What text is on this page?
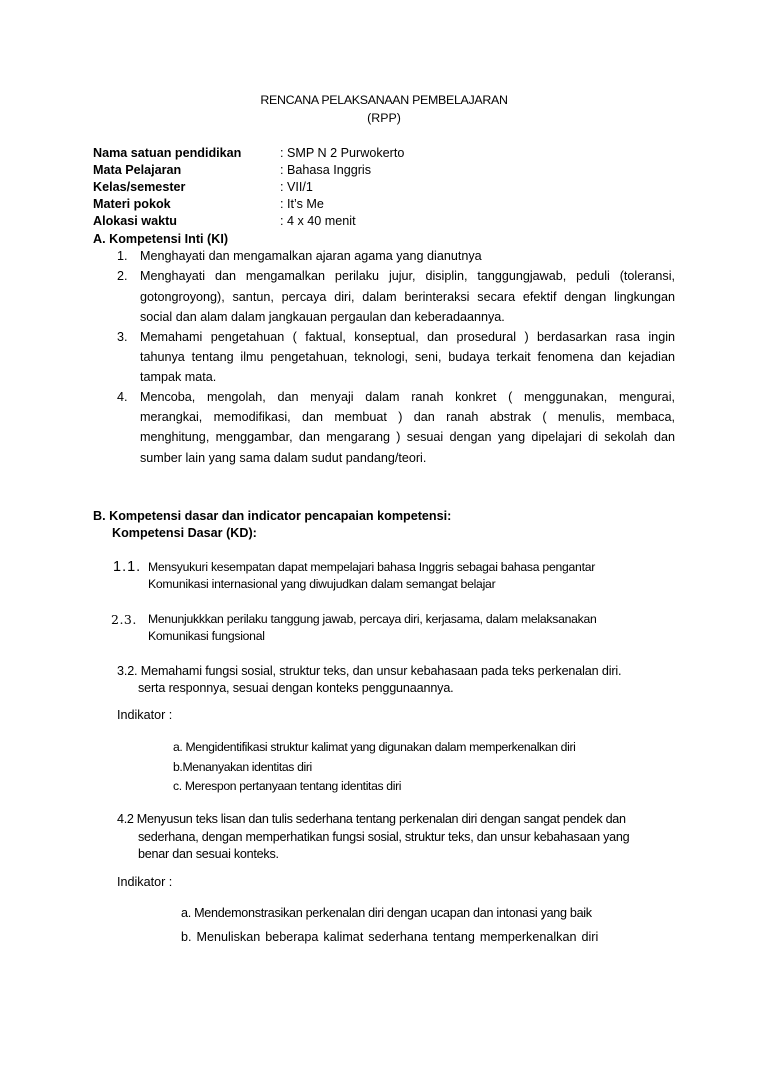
RENCANA PELAKSANAAN PEMBELAJARAN
(RPP)
Nama satuan pendidikan	: SMP N 2 Purwokerto
Mata Pelajaran	: Bahasa Inggris
Kelas/semester	: VII/1
Materi pokok	: It’s Me
Alokasi waktu	: 4 x 40 menit
A. Kompetensi Inti (KI)
1. Menghayati dan mengamalkan ajaran agama yang dianutnya
2. Menghayati dan mengamalkan perilaku jujur, disiplin, tanggungjawab, peduli (toleransi,
gotongroyong), santun, percaya diri, dalam berinteraksi secara efektif dengan lingkungan
social dan alam dalam jangkauan pergaulan dan keberadaannya.
3. Memahami pengetahuan ( faktual, konseptual, dan prosedural ) berdasarkan rasa ingin
tahunya tentang ilmu pengetahuan, teknologi, seni, budaya terkait fenomena dan kejadian
tampak mata.
4. Mencoba, mengolah, dan menyaji dalam ranah konkret ( menggunakan, mengurai,
merangkai, memodifikasi, dan membuat ) dan ranah abstrak ( menulis, membaca,
menghitung, menggambar, dan mengarang ) sesuai dengan yang dipelajari di sekolah dan
sumber lain yang sama dalam sudut pandang/teori.
B. Kompetensi dasar dan indicator pencapaian kompetensi:
Kompetensi Dasar (KD):
1.1. Mensyukuri kesempatan dapat mempelajari bahasa Inggris sebagai bahasa pengantar
Komunikasi internasional yang diwujudkan dalam semangat belajar
2.3. Menunjukkkan perilaku tanggung jawab, percaya diri, kerjasama, dalam melaksanakan
Komunikasi fungsional
3.2. Memahami fungsi sosial, struktur teks, dan unsur kebahasaan pada teks perkenalan diri.
serta responnya, sesuai dengan konteks penggunaannya.
Indikator :
a. Mengidentifikasi struktur kalimat yang digunakan dalam memperkenalkan diri
b.Menanyakan identitas diri
c. Merespon pertanyaan tentang identitas diri
4.2 Menyusun teks lisan dan tulis sederhana tentang perkenalan diri dengan sangat pendek dan
sederhana, dengan memperhatikan fungsi sosial, struktur teks, dan unsur kebahasaan yang
benar dan sesuai konteks.
Indikator :
a. Mendemonstrasikan perkenalan diri dengan ucapan dan intonasi yang baik
b. Menuliskan beberapa kalimat sederhana tentang memperkenalkan diri
